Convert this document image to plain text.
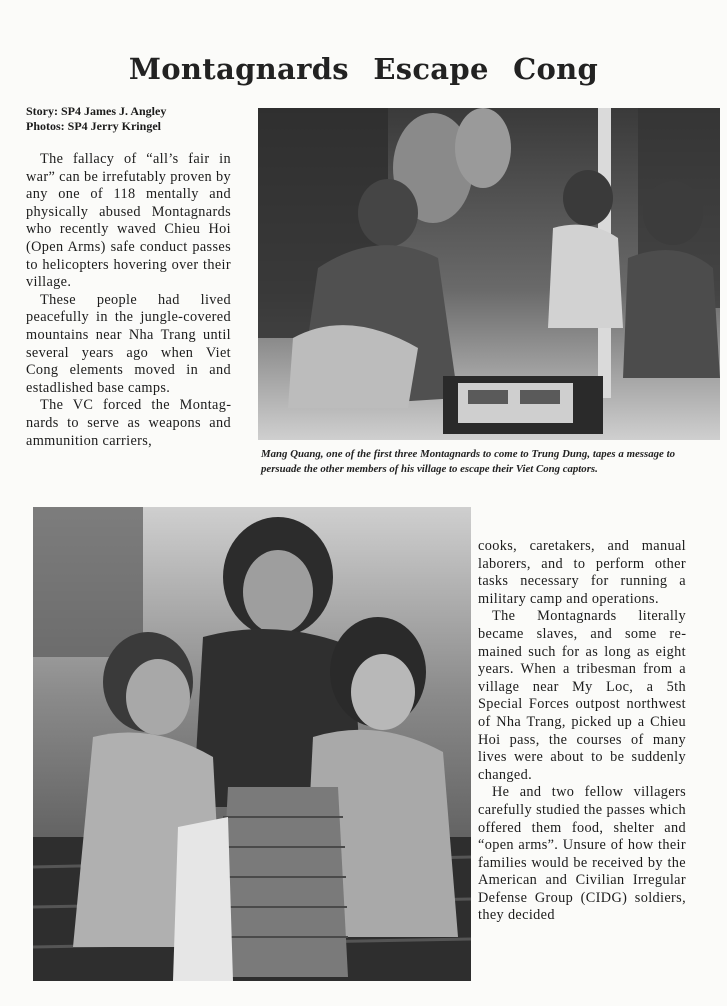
Montagnards Escape Cong
Story: SP4 James J. Angley
Photos: SP4 Jerry Kringel

The fallacy of “all’s fair in war” can be irrefutably proven by any one of 118 mentally and physically abused Montagnards who recently waved Chieu Hoi (Open Arms) safe conduct passes to helicopters hovering over their village.

These people had lived peacefully in the jungle-covered mountains near Nha Trang until several years ago when Viet Cong elements moved in and estadlished base camps.

The VC forced the Montagnards to serve as weapons and ammunition carriers,

Mang Quang, one of the first three Montagnards to come to Trung Dung, tapes a message to persuade the other members of his village to escape their Viet Cong captors.

cooks, caretakers, and manual laborers, and to perform other tasks necessary for running a military camp and operations.

The Montagnards literally became slaves, and some remained such for as long as eight years. When a tribesman from a village near My Loc, a 5th Special Forces outpost northwest of Nha Trang, picked up a Chieu Hoi pass, the courses of many lives were about to be suddenly changed.

He and two fellow villagers carefully studied the passes which offered them food, shelter and “open arms”. Unsure of how their families would be received by the American and Civilian Irregular Defense Group (CIDG) soldiers, they decided
